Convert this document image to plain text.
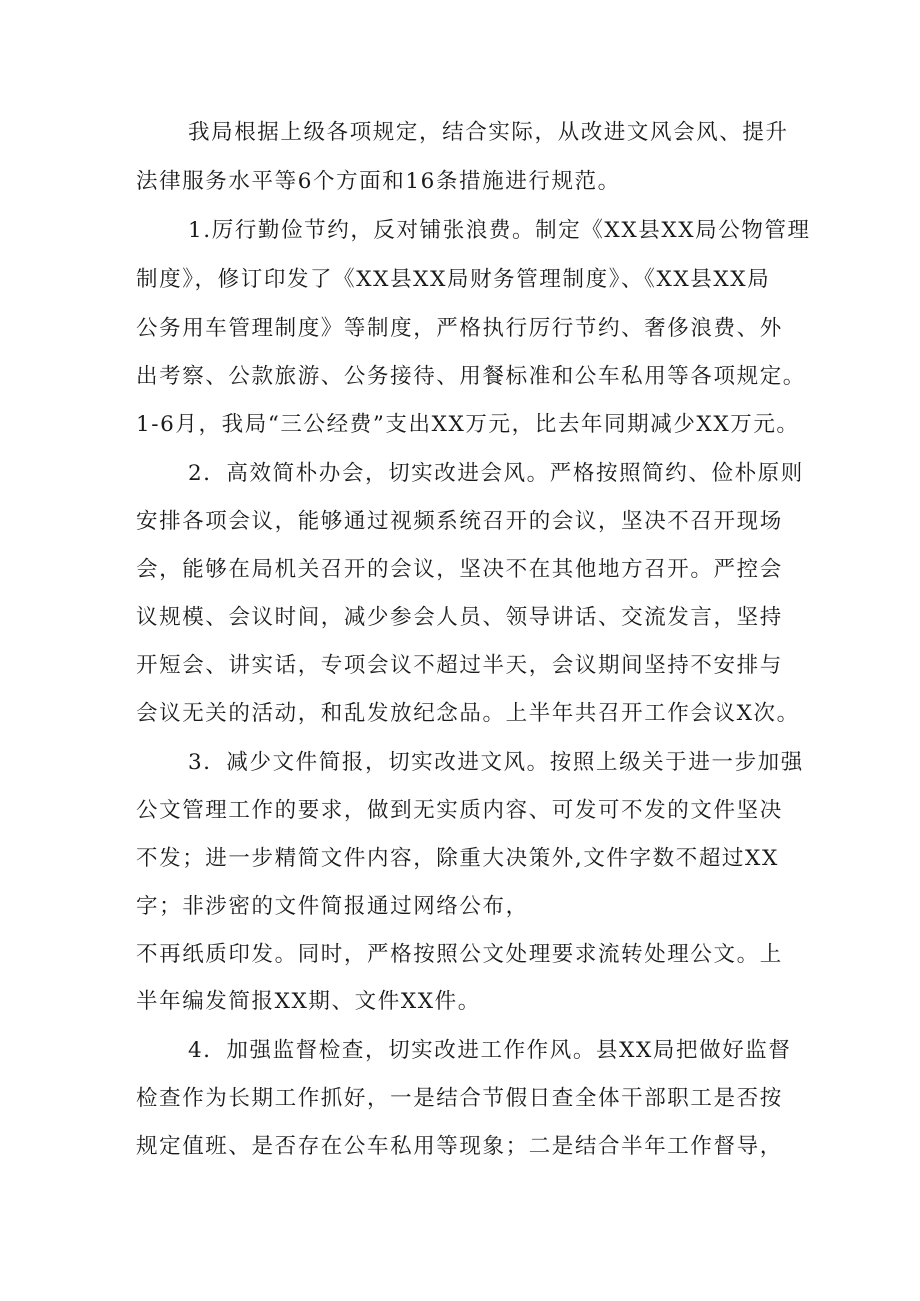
我局根据上级各项规定，结合实际，从改进文风会风、提升
法律服务水平等6个方面和16条措施进行规范。
1.厉行勤俭节约，反对铺张浪费。制定《XX县XX局公物管理
制度》，修订印发了《XX县XX局财务管理制度》、《XX县XX局
公务用车管理制度》等制度，严格执行厉行节约、奢侈浪费、外
出考察、公款旅游、公务接待、用餐标准和公车私用等各项规定。
1-6月，我局“三公经费”支出XX万元，比去年同期减少XX万元。
2．高效简朴办会，切实改进会风。严格按照简约、俭朴原则
安排各项会议，能够通过视频系统召开的会议，坚决不召开现场
会，能够在局机关召开的会议，坚决不在其他地方召开。严控会
议规模、会议时间，减少参会人员、领导讲话、交流发言，坚持
开短会、讲实话，专项会议不超过半天，会议期间坚持不安排与
会议无关的活动，和乱发放纪念品。上半年共召开工作会议X次。
3．减少文件简报，切实改进文风。按照上级关于进一步加强
公文管理工作的要求，做到无实质内容、可发可不发的文件坚决
不发；进一步精简文件内容，除重大决策外,文件字数不超过XX
字；非涉密的文件简报通过网络公布，
不再纸质印发。同时，严格按照公文处理要求流转处理公文。上
半年编发简报XX期、文件XX件。
4．加强监督检查，切实改进工作作风。县XX局把做好监督
检查作为长期工作抓好，一是结合节假日查全体干部职工是否按
规定值班、是否存在公车私用等现象；二是结合半年工作督导，
